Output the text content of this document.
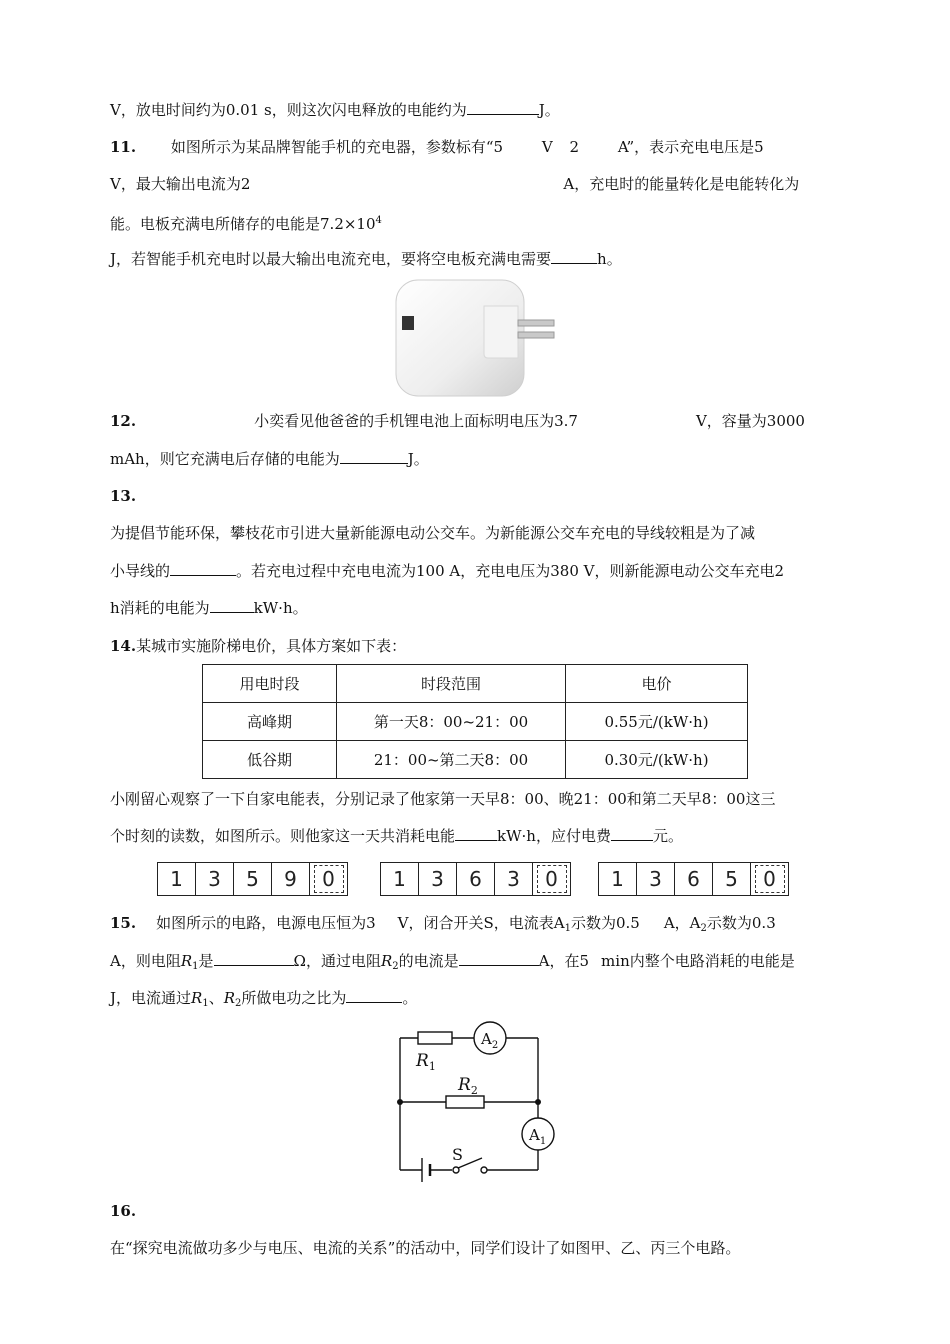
V，放电时间约为0.01 s，则这次闪电释放的电能约为	J。
11. 如图所示为某品牌智能手机的充电器，参数标有“5	V 2	A”，表示充电电压是5
V，最大输出电流为2	A，充电时的能量转化是电能转化为
能。电板充满电所储存的电能是$7.2\times 10^4$
J，若智能手机充电时以最大输出电流充电，要将空电板充满电需要	h。
12.	小奕看见他爸爸的手机锂电池上面标明电压为3.7	V，容量为3000
mAh，则它充满电后存储的电能为	J。
13.
为提倡节能环保，攀枝花市引进大量新能源电动公交车。为新能源公交车充电的导线较粗是为了减
小导线的	。若充电过程中充电电流为100 A，充电电压为380 V，则新能源电动公交车充电2
h消耗的电能为	kW·h。
14.某城市实施阶梯电价，具体方案如下表：
用电时段	时段范围	电价
高峰期	第一天8：00~21：00	0.55元/(kW·h)
低谷期	21：00~第二天8：00	0.30元/(kW·h)
小刚留心观察了一下自家电能表，分别记录了他家第一天早8：00、晚21：00和第二天早8：00这三
个时刻的读数，如图所示。则他家这一天共消耗电能	kW·h，应付电费	元。
1	3	5	9	0	1	3	6	3	0	1	3	6	5	0
15. 如图所示的电路，电源电压恒为3 V，闭合开关S，电流表$A_1$示数为0.5 A，$A_2$示数为0.3
A，则电阻$R_1$是	Ω，通过电阻$R_2$的电流是	A，在5 min内整个电路消耗的电能是
J，电流通过$R_1$、$R_2$所做电功之比为	。
$R_1$
$R_2$
$A_2$
$A_1$
S
16.
在“探究电流做功多少与电压、电流的关系”的活动中，同学们设计了如图甲、乙、丙三个电路。
